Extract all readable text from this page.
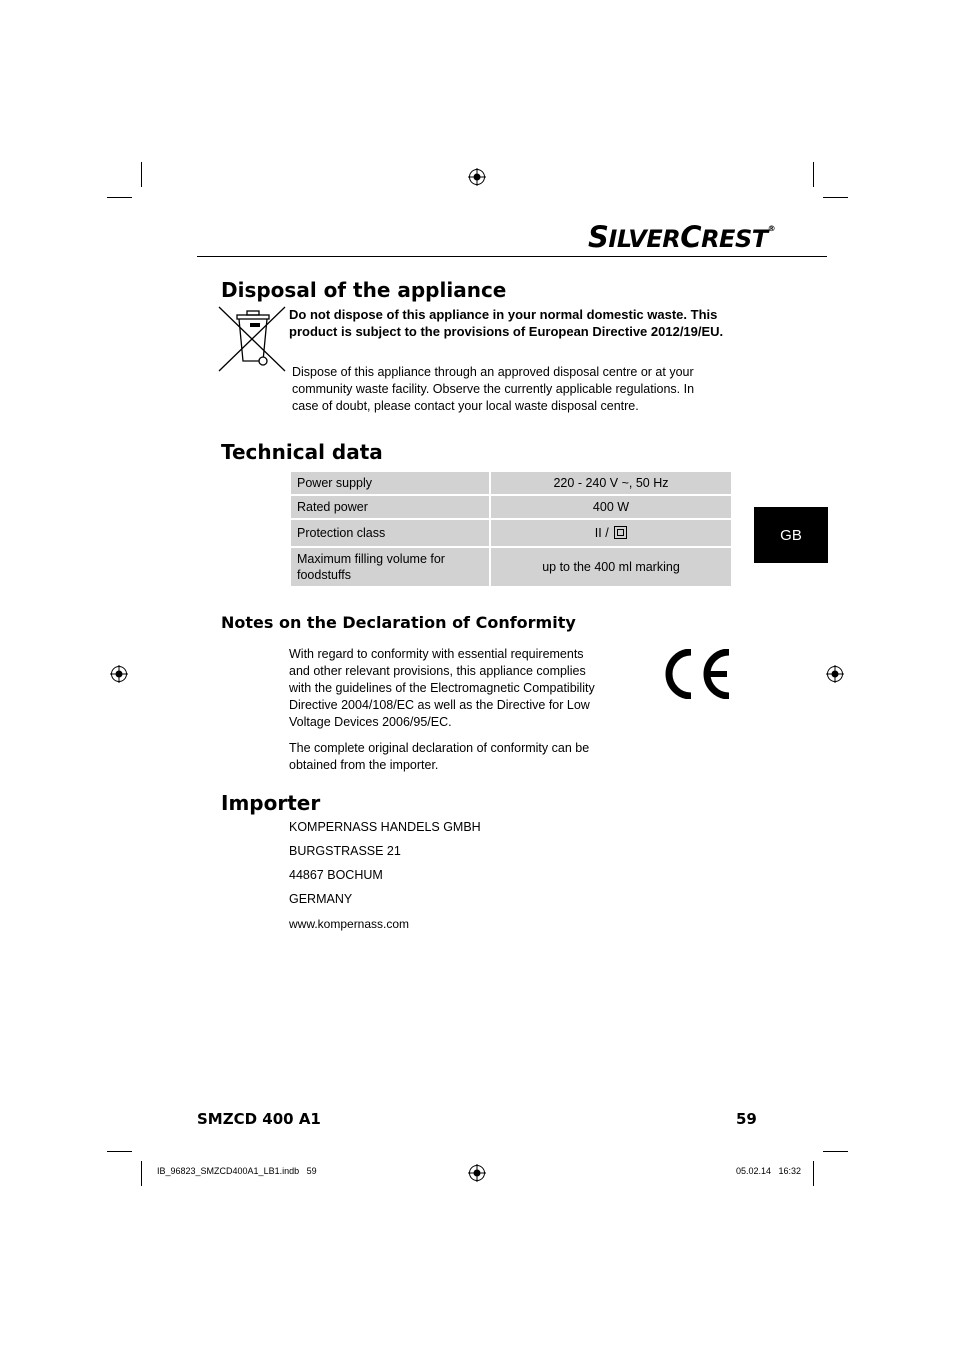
SILVERCREST®
Disposal of the appliance
Do not dispose of this appliance in your normal domestic waste. This product is subject to the provisions of European Directive 2012/19/EU.
Dispose of this appliance through an approved disposal centre or at your community waste facility. Observe the currently applicable regulations. In case of doubt, please contact your local waste disposal centre.
Technical data
Power supply	220 - 240 V ~, 50 Hz
Rated power	400 W
Protection class	II /
Maximum filling volume for foodstuffs	up to the 400 ml marking
GB
Notes on the Declaration of Conformity
With regard to conformity with essential requirements and other relevant provisions, this appliance complies with the guidelines of the Electromagnetic Compatibility Directive 2004/108/EC as well as the Directive for Low Voltage Devices 2006/95/EC.
The complete original declaration of conformity can be obtained from the importer.
Importer
KOMPERNASS HANDELS GMBH
BURGSTRASSE 21
44867 BOCHUM
GERMANY
www.kompernass.com
SMZCD 400 A1	59
IB_96823_SMZCD400A1_LB1.indb   59	05.02.14   16:32
